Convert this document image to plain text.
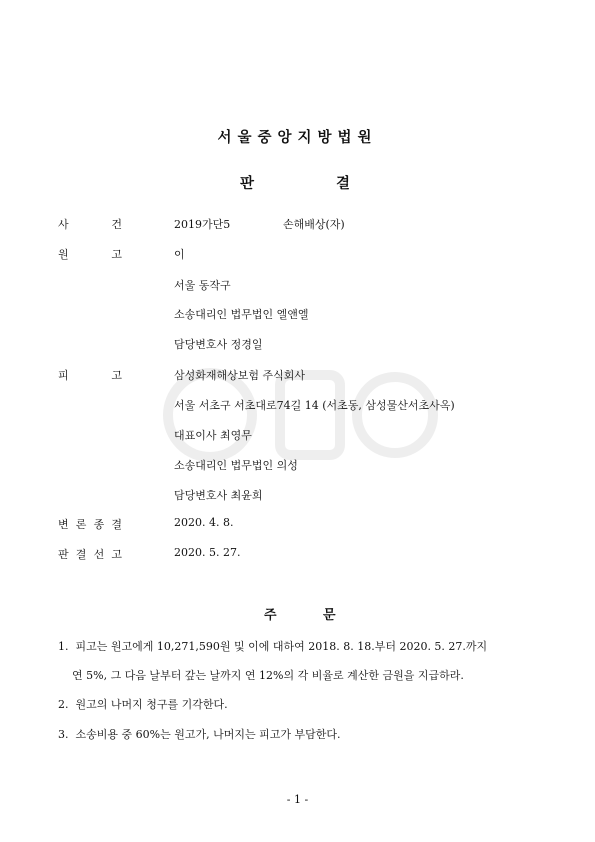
서울중앙지방법원
판	결
사	건	2019가단5	손해배상(자)
원	고	이
서울 동작구
소송대리인 법무법인 엘앤엘
담당변호사 정경일
피	고	삼성화재해상보험 주식회사
서울 서초구 서초대로74길 14 (서초동, 삼성물산서초사옥)
대표이사 최영무
소송대리인 법무법인 의성
담당변호사 최윤희
변 론 종 결	2020. 4. 8.
판 결 선 고	2020. 5. 27.
주	문
1. 피고는 원고에게 10,271,590원 및 이에 대하여 2018. 8. 18.부터 2020. 5. 27.까지
연 5%, 그 다음 날부터 갚는 날까지 연 12%의 각 비율로 계산한 금원을 지급하라.
2. 원고의 나머지 청구를 기각한다.
3. 소송비용 중 60%는 원고가, 나머지는 피고가 부담한다.
- 1 -
